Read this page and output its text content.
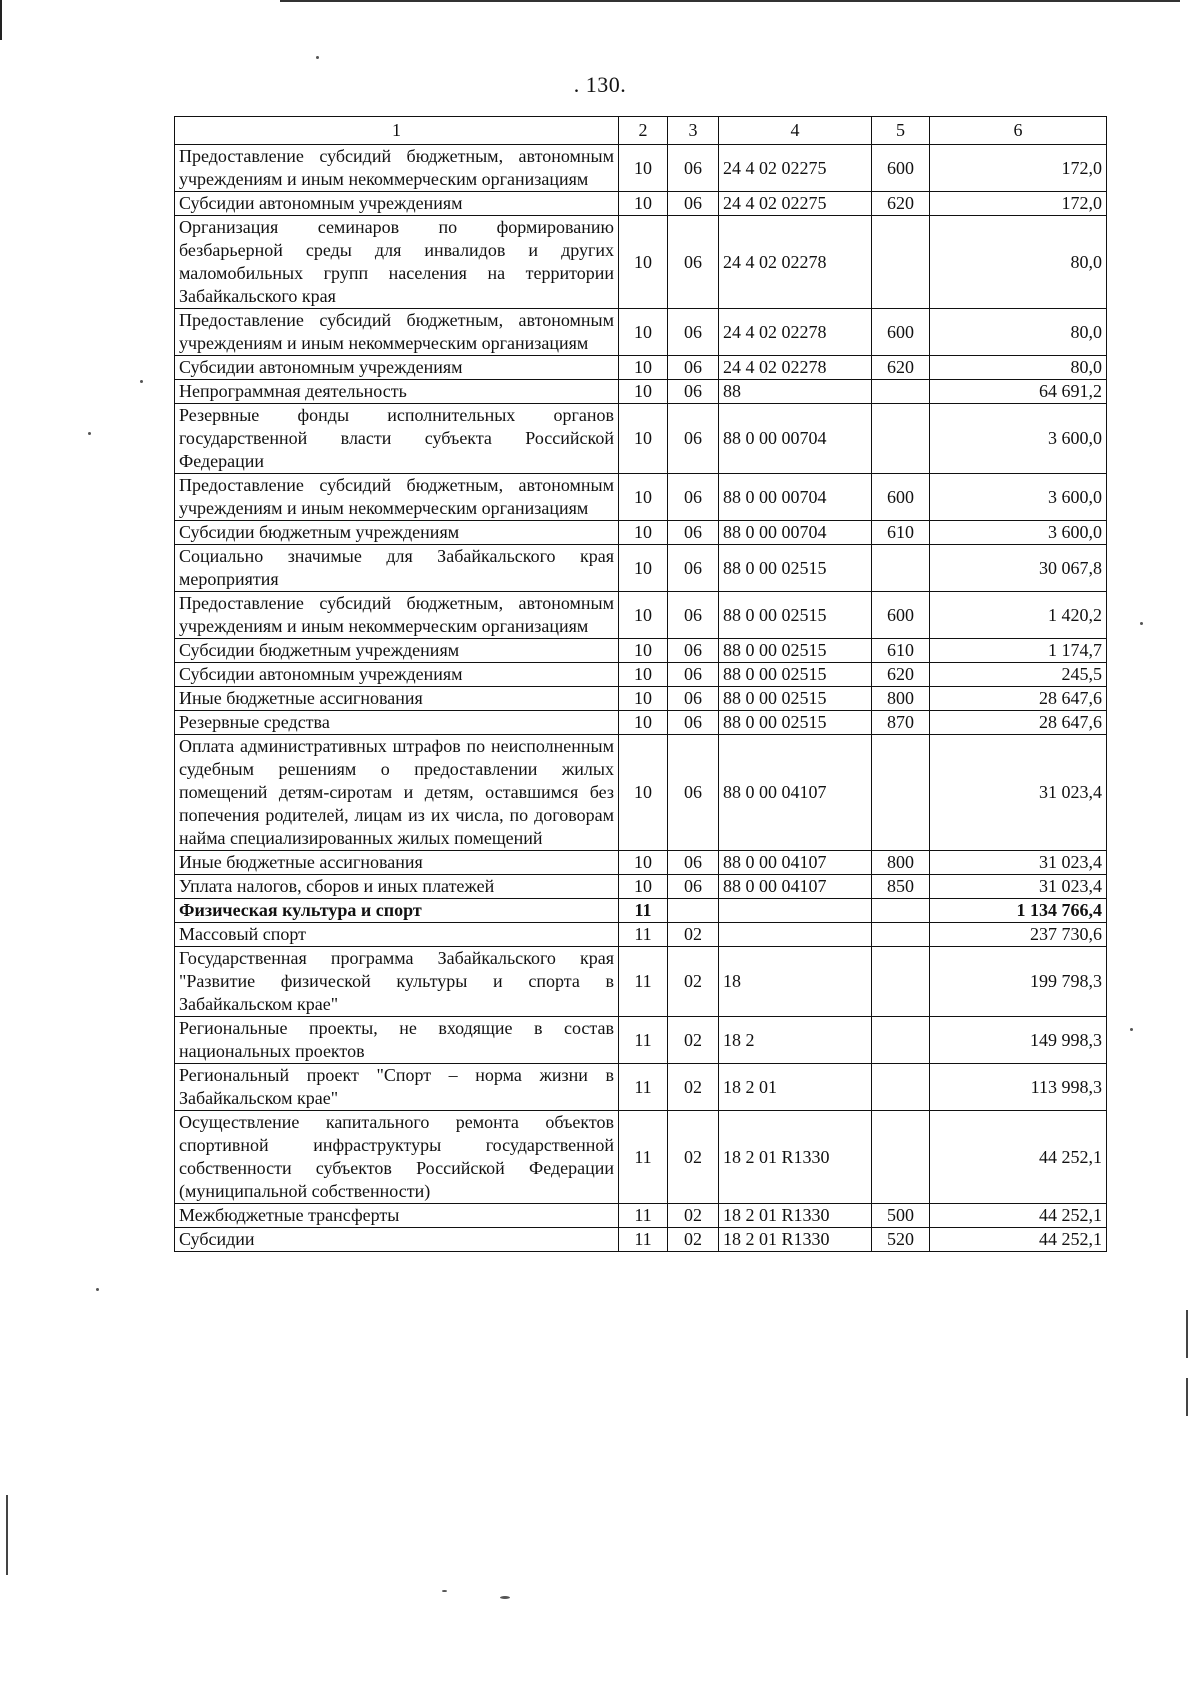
. 130.
1	2	3	4	5	6
Предоставление субсидий бюджетным, автономным учреждениям и иным некоммерческим организациям	10	06	24 4 02 02275	600	172,0
Субсидии автономным учреждениям	10	06	24 4 02 02275	620	172,0
Организация семинаров по формированию безбарьерной среды для инвалидов и других маломобильных групп населения на территории Забайкальского края	10	06	24 4 02 02278		80,0
Предоставление субсидий бюджетным, автономным учреждениям и иным некоммерческим организациям	10	06	24 4 02 02278	600	80,0
Субсидии автономным учреждениям	10	06	24 4 02 02278	620	80,0
Непрограммная деятельность	10	06	88		64 691,2
Резервные фонды исполнительных органов государственной власти субъекта Российской Федерации	10	06	88 0 00 00704		3 600,0
Предоставление субсидий бюджетным, автономным учреждениям и иным некоммерческим организациям	10	06	88 0 00 00704	600	3 600,0
Субсидии бюджетным учреждениям	10	06	88 0 00 00704	610	3 600,0
Социально значимые для Забайкальского края мероприятия	10	06	88 0 00 02515		30 067,8
Предоставление субсидий бюджетным, автономным учреждениям и иным некоммерческим организациям	10	06	88 0 00 02515	600	1 420,2
Субсидии бюджетным учреждениям	10	06	88 0 00 02515	610	1 174,7
Субсидии автономным учреждениям	10	06	88 0 00 02515	620	245,5
Иные бюджетные ассигнования	10	06	88 0 00 02515	800	28 647,6
Резервные средства	10	06	88 0 00 02515	870	28 647,6
Оплата административных штрафов по неисполненным судебным решениям о предоставлении жилых помещений детям-сиротам и детям, оставшимся без попечения родителей, лицам из их числа, по договорам найма специализированных жилых помещений	10	06	88 0 00 04107		31 023,4
Иные бюджетные ассигнования	10	06	88 0 00 04107	800	31 023,4
Уплата налогов, сборов и иных платежей	10	06	88 0 00 04107	850	31 023,4
Физическая культура и спорт	11				1 134 766,4
Массовый спорт	11	02			237 730,6
Государственная программа Забайкальского края "Развитие физической культуры и спорта в Забайкальском крае"	11	02	18		199 798,3
Региональные проекты, не входящие в состав национальных проектов	11	02	18 2		149 998,3
Региональный проект "Спорт – норма жизни в Забайкальском крае"	11	02	18 2 01		113 998,3
Осуществление капитального ремонта объектов спортивной инфраструктуры государственной собственности субъектов Российской Федерации (муниципальной собственности)	11	02	18 2 01 R1330		44 252,1
Межбюджетные трансферты	11	02	18 2 01 R1330	500	44 252,1
Субсидии	11	02	18 2 01 R1330	520	44 252,1
